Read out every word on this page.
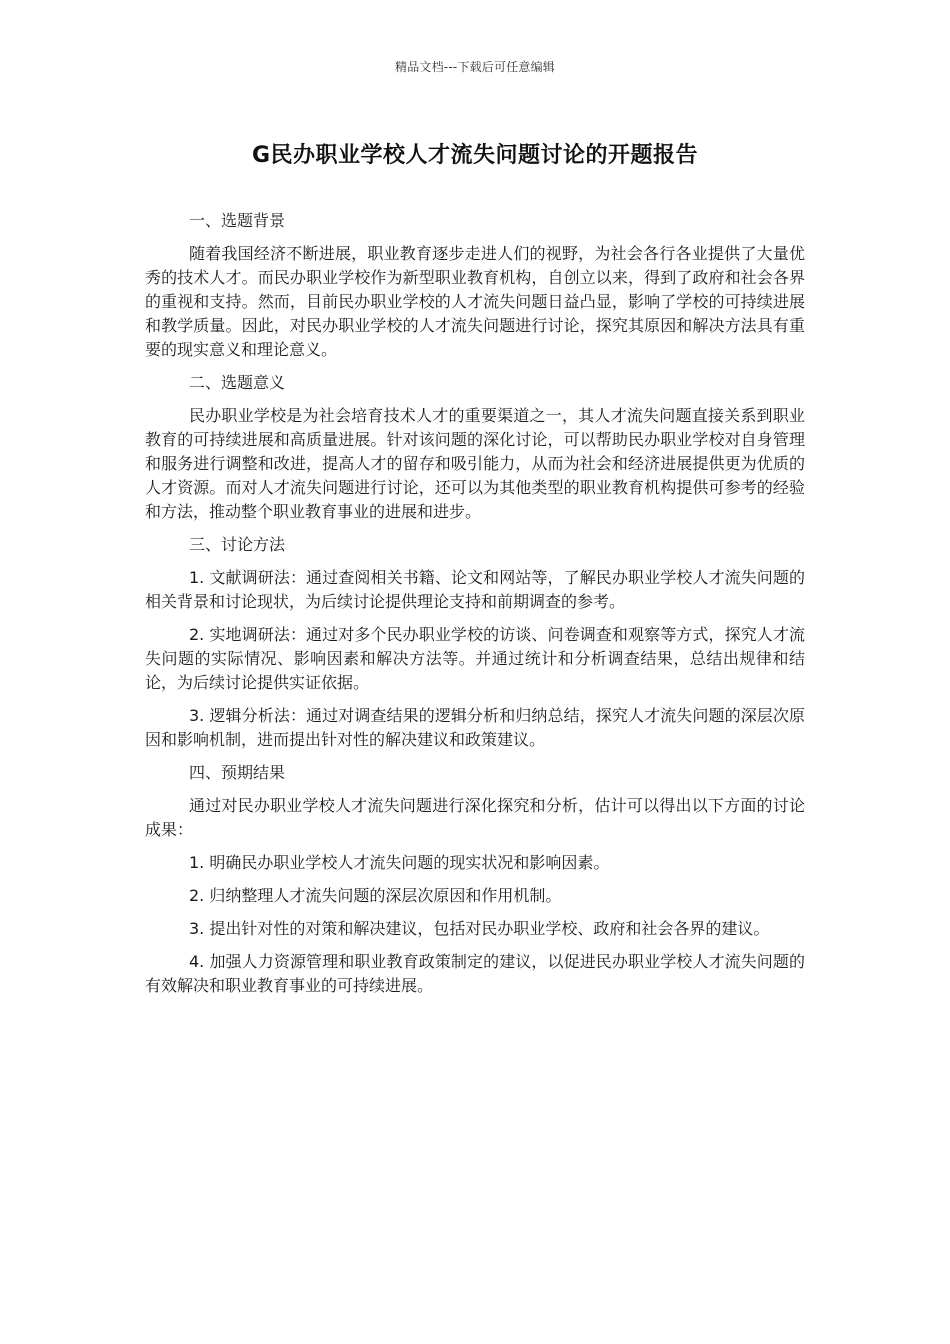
精品文档---下载后可任意编辑
G民办职业学校人才流失问题讨论的开题报告

一、选题背景

随着我国经济不断进展，职业教育逐步走进人们的视野，为社会各行各业提供了大量优秀的技术人才。而民办职业学校作为新型职业教育机构，自创立以来，得到了政府和社会各界的重视和支持。然而，目前民办职业学校的人才流失问题日益凸显，影响了学校的可持续进展和教学质量。因此，对民办职业学校的人才流失问题进行讨论，探究其原因和解决方法具有重要的现实意义和理论意义。

二、选题意义

民办职业学校是为社会培育技术人才的重要渠道之一，其人才流失问题直接关系到职业教育的可持续进展和高质量进展。针对该问题的深化讨论，可以帮助民办职业学校对自身管理和服务进行调整和改进，提高人才的留存和吸引能力，从而为社会和经济进展提供更为优质的人才资源。而对人才流失问题进行讨论，还可以为其他类型的职业教育机构提供可参考的经验和方法，推动整个职业教育事业的进展和进步。

三、讨论方法

1. 文献调研法：通过查阅相关书籍、论文和网站等，了解民办职业学校人才流失问题的相关背景和讨论现状，为后续讨论提供理论支持和前期调查的参考。

2. 实地调研法：通过对多个民办职业学校的访谈、问卷调查和观察等方式，探究人才流失问题的实际情况、影响因素和解决方法等。并通过统计和分析调查结果，总结出规律和结论，为后续讨论提供实证依据。

3. 逻辑分析法：通过对调查结果的逻辑分析和归纳总结，探究人才流失问题的深层次原因和影响机制，进而提出针对性的解决建议和政策建议。

四、预期结果

通过对民办职业学校人才流失问题进行深化探究和分析，估计可以得出以下方面的讨论成果：

1. 明确民办职业学校人才流失问题的现实状况和影响因素。

2. 归纳整理人才流失问题的深层次原因和作用机制。

3. 提出针对性的对策和解决建议，包括对民办职业学校、政府和社会各界的建议。

4. 加强人力资源管理和职业教育政策制定的建议，以促进民办职业学校人才流失问题的有效解决和职业教育事业的可持续进展。
